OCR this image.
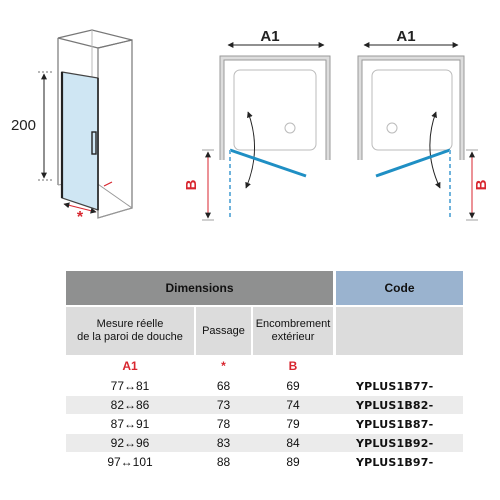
200
*
A1
B
A1
B
Dimensions	Code
Mesure réelle
de la paroi de douche
Passage
Encombrement
extérieur
A1	*	B
77↔81	68	69	YPLUS1B77-
82↔86	73	74	YPLUS1B82-
87↔91	78	79	YPLUS1B87-
92↔96	83	84	YPLUS1B92-
97↔101	88	89	YPLUS1B97-
